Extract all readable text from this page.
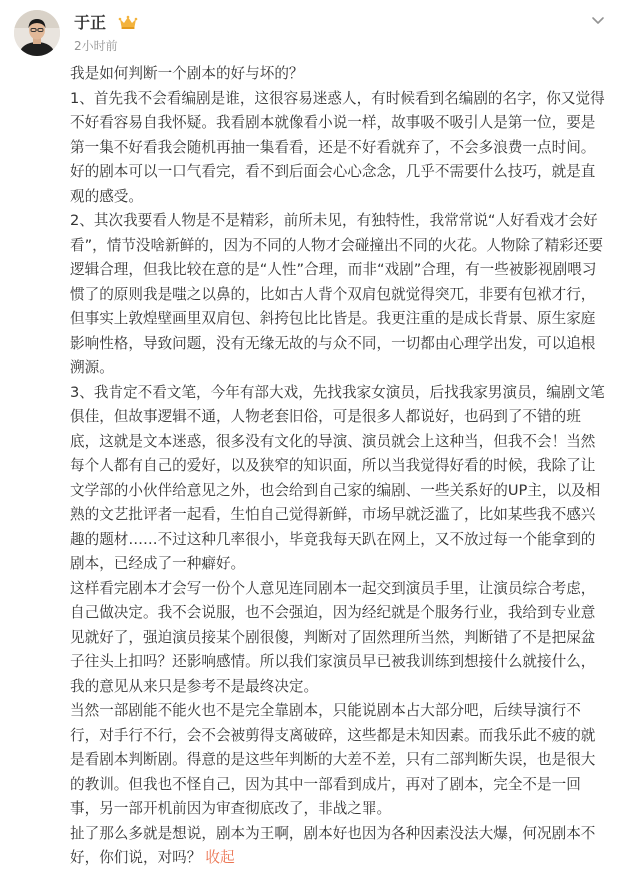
于正
2小时前

我是如何判断一个剧本的好与坏的？

1、首先我不会看编剧是谁，这很容易迷惑人，有时候看到名编剧的名字，你又觉得不好看容易自我怀疑。我看剧本就像看小说一样，故事吸不吸引人是第一位，要是第一集不好看我会随机再抽一集看看，还是不好看就弃了，不会多浪费一点时间。好的剧本可以一口气看完，看不到后面会心心念念，几乎不需要什么技巧，就是直观的感受。

2、其次我要看人物是不是精彩，前所未见，有独特性，我常常说“人好看戏才会好看”，情节没啥新鲜的，因为不同的人物才会碰撞出不同的火花。人物除了精彩还要逻辑合理，但我比较在意的是“人性”合理，而非“戏剧”合理，有一些被影视剧喂习惯了的原则我是嗤之以鼻的，比如古人背个双肩包就觉得突兀，非要有包袱才行，但事实上敦煌壁画里双肩包、斜挎包比比皆是。我更注重的是成长背景、原生家庭影响性格，导致问题，没有无缘无故的与众不同，一切都由心理学出发，可以追根溯源。

3、我肯定不看文笔，今年有部大戏，先找我家女演员，后找我家男演员，编剧文笔俱佳，但故事逻辑不通，人物老套旧俗，可是很多人都说好，也码到了不错的班底，这就是文本迷惑，很多没有文化的导演、演员就会上这种当，但我不会！当然每个人都有自己的爱好，以及狭窄的知识面，所以当我觉得好看的时候，我除了让文学部的小伙伴给意见之外，也会给到自己家的编剧、一些关系好的UP主，以及相熟的文艺批评者一起看，生怕自己觉得新鲜，市场早就泛滥了，比如某些我不感兴趣的题材……不过这种几率很小，毕竟我每天趴在网上，又不放过每一个能拿到的剧本，已经成了一种癖好。

这样看完剧本才会写一份个人意见连同剧本一起交到演员手里，让演员综合考虑，自己做决定。我不会说服，也不会强迫，因为经纪就是个服务行业，我给到专业意见就好了，强迫演员接某个剧很傻，判断对了固然理所当然，判断错了不是把屎盆子往头上扣吗？还影响感情。所以我们家演员早已被我训练到想接什么就接什么，我的意见从来只是参考不是最终决定。

当然一部剧能不能火也不是完全靠剧本，只能说剧本占大部分吧，后续导演行不行，对手行不行，会不会被剪得支离破碎，这些都是未知因素。而我乐此不疲的就是看剧本判断剧。得意的是这些年判断的大差不差，只有二部判断失误，也是很大的教训。但我也不怪自己，因为其中一部看到成片，再对了剧本，完全不是一回事，另一部开机前因为审查彻底改了，非战之罪。

扯了那么多就是想说，剧本为王啊，剧本好也因为各种因素没法大爆，何况剧本不好，你们说，对吗？ 收起
